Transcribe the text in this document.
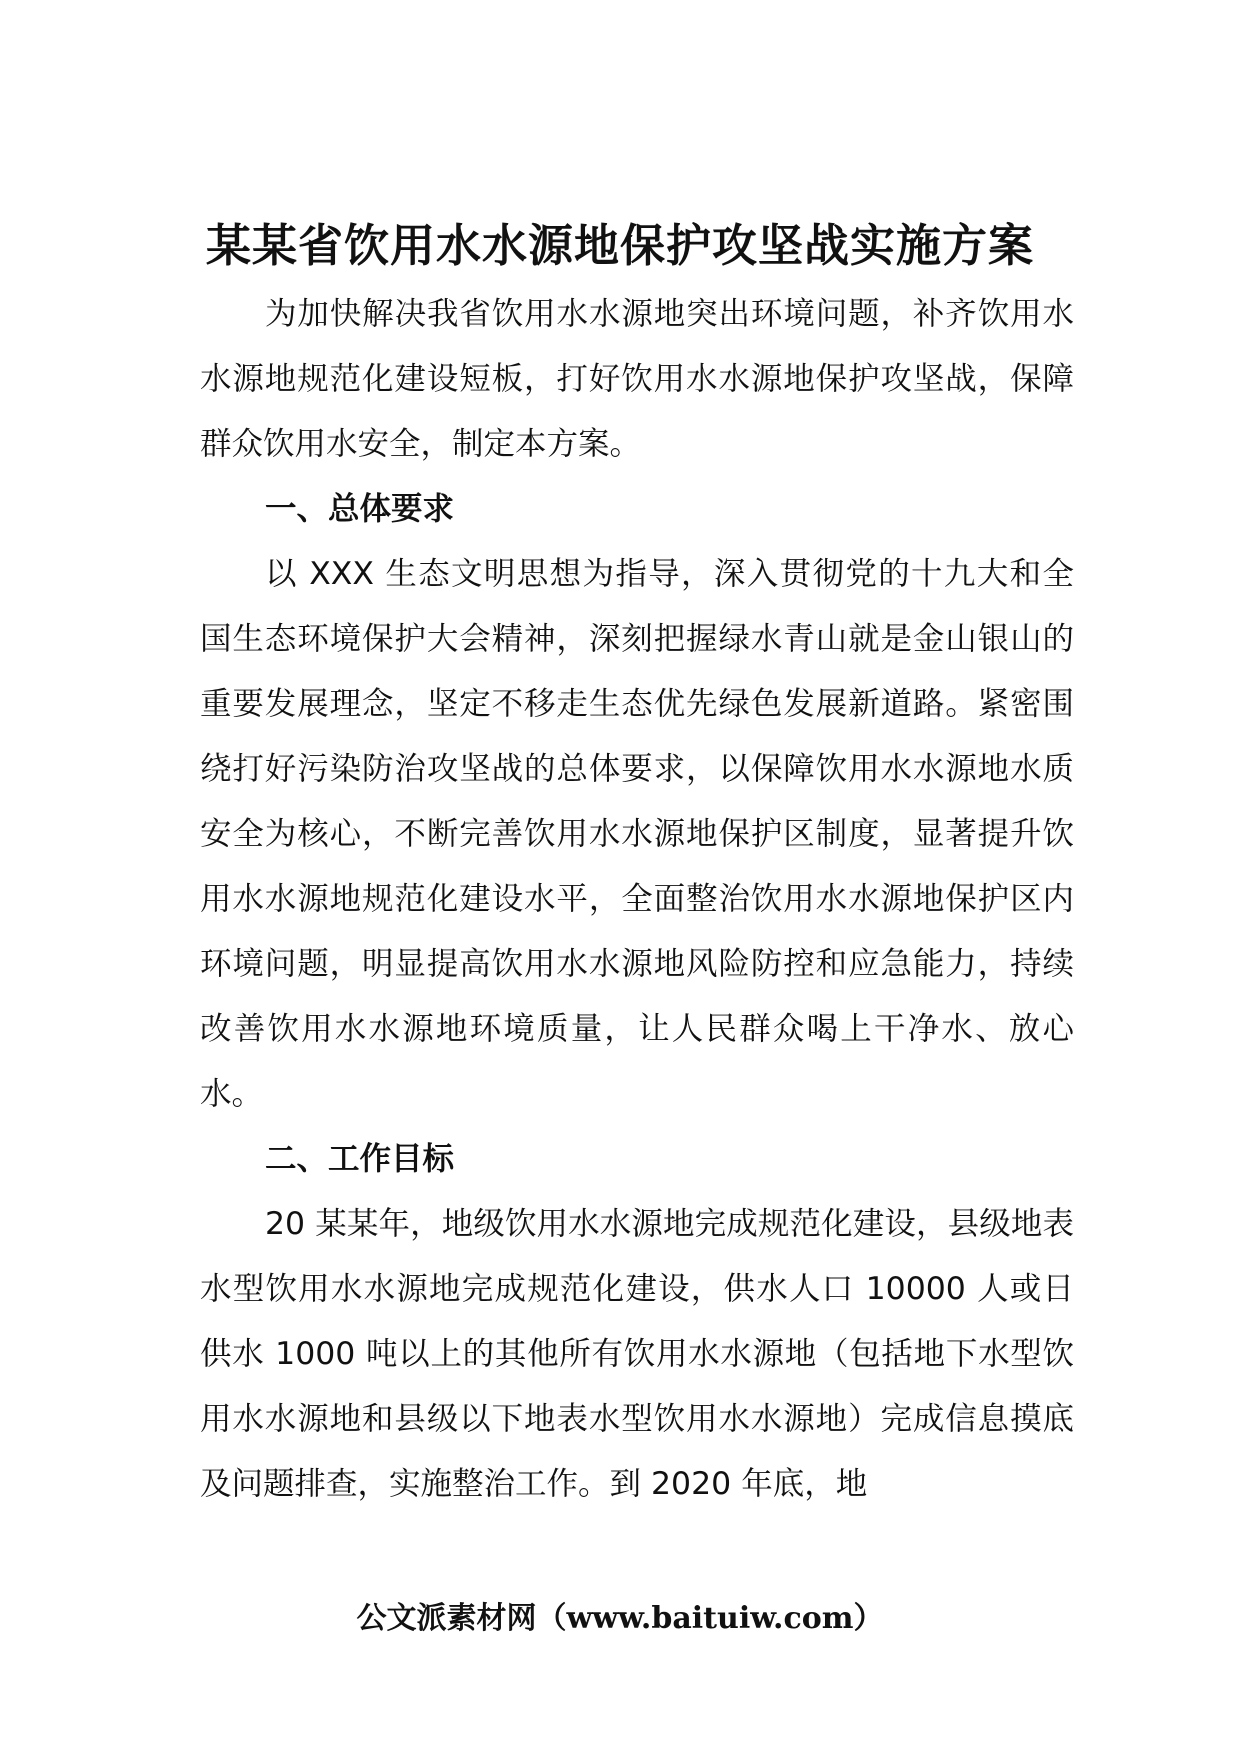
某某省饮用水水源地保护攻坚战实施方案

为加快解决我省饮用水水源地突出环境问题，补齐饮用水水源地规范化建设短板，打好饮用水水源地保护攻坚战，保障群众饮用水安全，制定本方案。

一、总体要求

以 XXX 生态文明思想为指导，深入贯彻党的十九大和全国生态环境保护大会精神，深刻把握绿水青山就是金山银山的重要发展理念，坚定不移走生态优先绿色发展新道路。紧密围绕打好污染防治攻坚战的总体要求，以保障饮用水水源地水质安全为核心，不断完善饮用水水源地保护区制度，显著提升饮用水水源地规范化建设水平，全面整治饮用水水源地保护区内环境问题，明显提高饮用水水源地风险防控和应急能力，持续改善饮用水水源地环境质量，让人民群众喝上干净水、放心水。

二、工作目标

20 某某年，地级饮用水水源地完成规范化建设，县级地表水型饮用水水源地完成规范化建设，供水人口 10000 人或日供水 1000 吨以上的其他所有饮用水水源地（包括地下水型饮用水水源地和县级以下地表水型饮用水水源地）完成信息摸底及问题排查，实施整治工作。到 2020 年底，地

公文派素材网（www.baituiw.com）
